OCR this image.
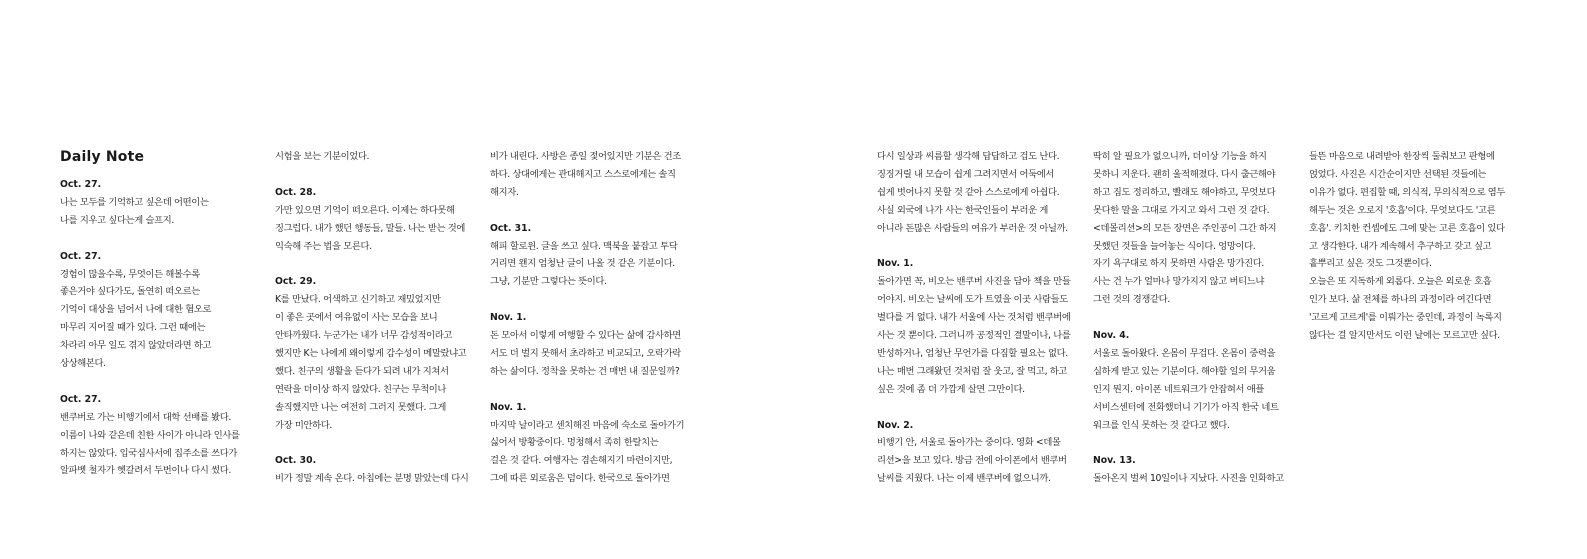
Daily Note
Oct. 27.
나는 모두를 기억하고 싶은데 어떤이는
나를 지우고 싶다는게 슬프지.
Oct. 27.
경험이 많을수록, 무엇이든 해볼수록
좋은거야 싶다가도, 돌연히 떠오르는
기억이 대상을 넘어서 나에 대한 혐오로
마무리 지어질 때가 있다. 그런 때에는
차라리 아무 일도 겪지 않았더라면 하고
상상해본다.
Oct. 27.
밴쿠버로 가는 비행기에서 대학 선배를 봤다.
이름이 나와 같은데 친한 사이가 아니라 인사를
하지는 않았다. 입국심사서에 집주소를 쓰다가
알파벳 철자가 헷갈려서 두번이나 다시 썼다.
시험을 보는 기분이었다.
Oct. 28.
가만 있으면 기억이 떠오른다. 이제는 하다못해
징그럽다. 내가 했던 행동들, 말들. 나는 받는 것에
익숙해 주는 법을 모른다.
Oct. 29.
K를 만났다. 어색하고 신기하고 재밌었지만
이 좋은 곳에서 여유없이 사는 모습을 보니
안타까웠다. 누군가는 내가 너무 감성적이라고
했지만 K는 나에게 왜이렇게 감수성이 메말랐냐고
했다. 친구의 생활을 듣다가 되려 내가 지쳐서
연락을 더이상 하지 않았다. 친구는 무척이나
솔직했지만 나는 여전히 그러지 못했다. 그게
가장 미안하다.
Oct. 30.
비가 정말 계속 온다. 아침에는 분명 맑았는데 다시
비가 내린다. 사방은 종일 젖어있지만 기분은 건조
하다. 상대에게는 관대해지고 스스로에게는 솔직
해지자.
Oct. 31.
해피 할로윈. 글을 쓰고 싶다. 맥북을 붙잡고 투닥
거리면 왠지 엄청난 글이 나올 것 같은 기분이다.
그냥, 기분만 그렇다는 뜻이다.
Nov. 1.
돈 모아서 이렇게 여행할 수 있다는 삶에 감사하면
서도 더 벌지 못해서 초라하고 비교되고, 오락가락
하는 삶이다. 정착을 못하는 건 매번 내 질문일까?
Nov. 1.
마지막 날이라고 센치해진 마음에 숙소로 돌아가기
싫어서 방황중이다. 멍청해서 족히 한탈치는
걸은 것 같다. 여행자는 겸손해지기 마련이지만,
그에 따른 외로움은 덤이다. 한국으로 돌아가면
다시 일상과 씨름할 생각해 답답하고 겁도 난다.
징징거릴 내 모습이 쉽게 그려지면서 어둑에서
쉽게 벗어나지 못할 것 같아 스스로에게 아쉽다.
사실 외국에 나가 사는 한국인들이 부러운 게
아니라 돈많은 사람들의 여유가 부러운 것 아닐까.
Nov. 1.
돌아가면 꼭, 비오는 밴쿠버 사진을 담아 책을 만들
어야지. 비오는 날씨에 도가 트였을 이곳 사람들도
별다를 거 없다. 내가 서울에 사는 것처럼 밴쿠버에
사는 것 뿐이다. 그러니까 공정적인 결말이나, 나를
반성하거나, 엄청난 무언가를 다짐할 필요는 없다.
나는 매번 그래왔던 것처럼 잘 웃고, 잘 먹고, 하고
싶은 것에 좀 더 가깝게 살면 그만이다.
Nov. 2.
비행기 안, 서울로 돌아가는 중이다. 영화 <데몰
리션>을 보고 있다. 방금 전에 아이폰에서 밴쿠버
날씨를 지웠다. 나는 이제 밴쿠버에 없으니까.
딱히 알 필요가 없으니까, 더이상 기능을 하지
못하니 지운다. 괜히 울적해졌다. 다시 출근해야
하고 짐도 정리하고, 빨래도 해야하고, 무엇보다
못다한 말을 그대로 가지고 와서 그런 것 같다.
<데몰리션>의 모든 장면은 주인공이 그간 하지
못했던 것들을 늘어놓는 식이다. 엉망이다.
자기 욕구대로 하지 못하면 사람은 망가진다.
사는 건 누가 얼마나 망가지지 않고 버티느냐
그런 것의 경쟁같다.
Nov. 4.
서울로 돌아왔다. 온몸이 무겁다. 온몸이 중력을
심하게 받고 있는 기분이다. 해야할 일의 무거움
인지 뭔지. 아이폰 네트워크가 안잡혀서 애플
서비스센터에 전화했더니 기기가 아직 한국 네트
워크를 인식 못하는 것 같다고 했다.
Nov. 13.
돌아온지 벌써 10일이나 지났다. 사진을 인화하고
들뜬 마음으로 내려받아 한장씩 둘춰보고 판형에
얹었다. 사진은 시간순이지만 선택된 것들에는
이유가 없다. 편집할 때, 의식적, 무의식적으로 염두
해두는 것은 오로지 '호흡'이다. 무엇보다도 '고른
호흡'. 키치한 컨셉에도 그에 맞는 고른 호흡이 있다
고 생각한다. 내가 계속해서 추구하고 갖고 싶고
흩뿌리고 싶은 것도 그것뿐이다.
오늘은 또 지독하게 외롭다. 오늘은 외로운 호흡
인가 보다. 삶 전체를 하나의 과정이라 여긴다면
'고르게 고르게'를 이뤄가는 중인데, 과정이 녹록지
않다는 걸 알지만서도 이런 날에는 모르고만 싶다.
